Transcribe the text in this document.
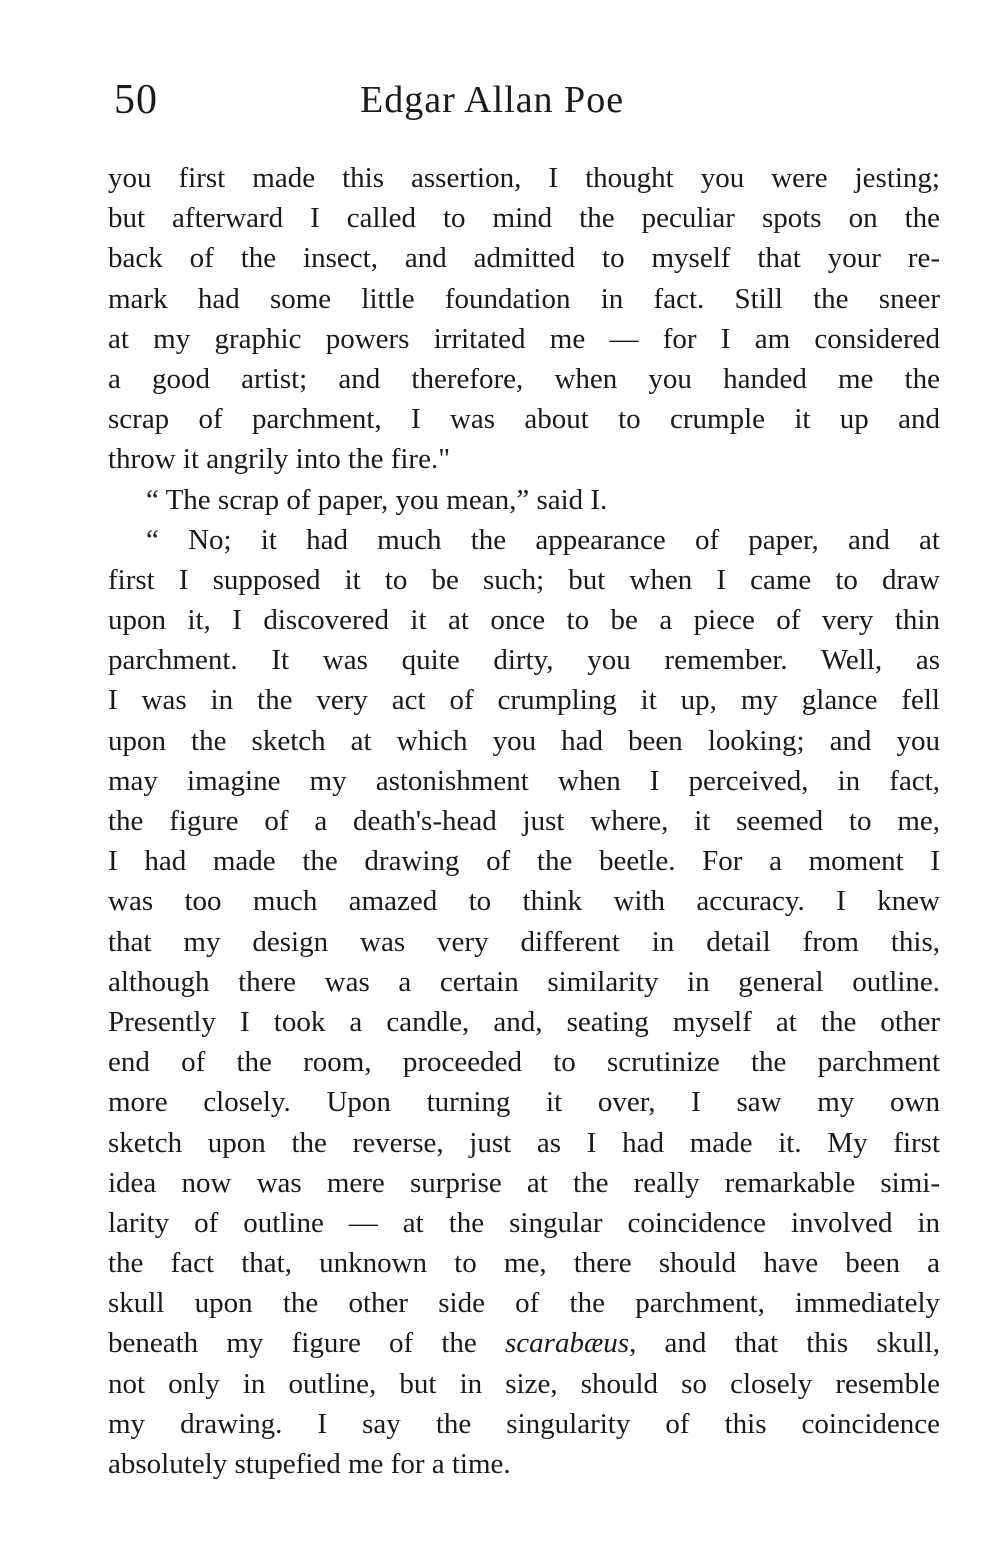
50	Edgar Allan Poe
you first made this assertion, I thought you were jesting;
but afterward I called to mind the peculiar spots on the
back of the insect, and admitted to myself that your re-
mark had some little foundation in fact. Still the sneer
at my graphic powers irritated me — for I am considered
a good artist; and therefore, when you handed me the
scrap of parchment, I was about to crumple it up and
throw it angrily into the fire."
“ The scrap of paper, you mean,” said I.
“ No; it had much the appearance of paper, and at
first I supposed it to be such; but when I came to draw
upon it, I discovered it at once to be a piece of very thin
parchment. It was quite dirty, you remember. Well, as
I was in the very act of crumpling it up, my glance fell
upon the sketch at which you had been looking; and you
may imagine my astonishment when I perceived, in fact,
the figure of a death's-head just where, it seemed to me,
I had made the drawing of the beetle. For a moment I
was too much amazed to think with accuracy. I knew
that my design was very different in detail from this,
although there was a certain similarity in general outline.
Presently I took a candle, and, seating myself at the other
end of the room, proceeded to scrutinize the parchment
more closely. Upon turning it over, I saw my own
sketch upon the reverse, just as I had made it. My first
idea now was mere surprise at the really remarkable simi-
larity of outline — at the singular coincidence involved in
the fact that, unknown to me, there should have been a
skull upon the other side of the parchment, immediately
beneath my figure of the scarabæus, and that this skull,
not only in outline, but in size, should so closely resemble
my drawing. I say the singularity of this coincidence
absolutely stupefied me for a time.
